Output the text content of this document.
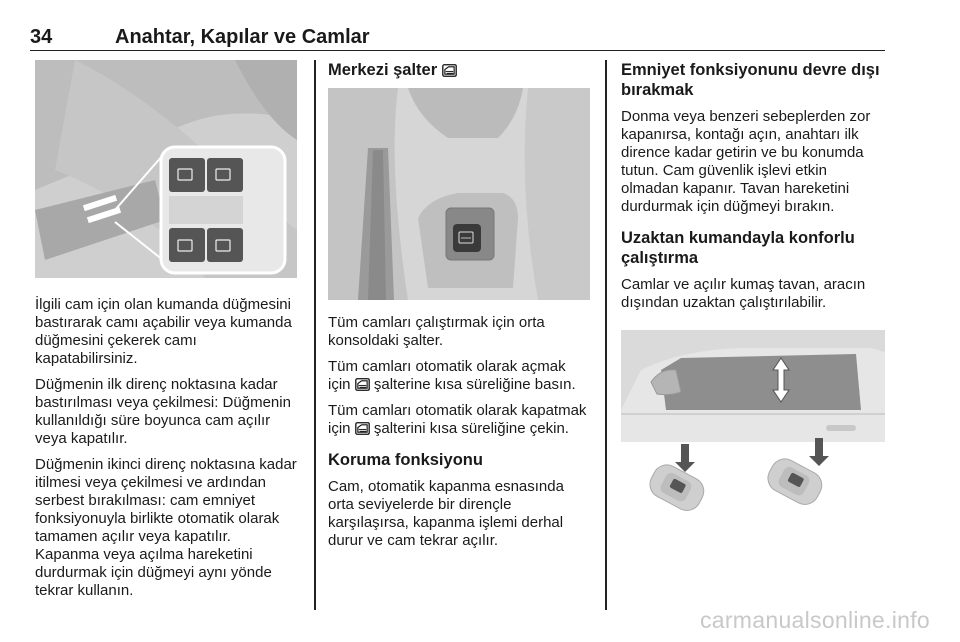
34	Anahtar, Kapılar ve Camlar

İlgili cam için olan kumanda düğmesini bastırarak camı açabilir veya kumanda düğmesini çekerek camı kapatabilirsiniz.

Düğmenin ilk direnç noktasına kadar bastırılması veya çekilmesi: Düğmenin kullanıldığı süre boyunca cam açılır veya kapatılır.

Düğmenin ikinci direnç noktasına kadar itilmesi veya çekilmesi ve ardından serbest bırakılması: cam emniyet fonksiyonuyla birlikte otomatik olarak tamamen açılır veya kapatılır. Kapanma veya açılma hareketini durdurmak için düğmeyi aynı yönde tekrar kullanın.

Merkezi şalter

Tüm camları çalıştırmak için orta konsoldaki şalter.

Tüm camları otomatik olarak açmak için şalterine kısa süreliğine basın.

Tüm camları otomatik olarak kapatmak için şalterini kısa süreliğine çekin.

Koruma fonksiyonu

Cam, otomatik kapanma esnasında orta seviyelerde bir dirençle karşılaşırsa, kapanma işlemi derhal durur ve cam tekrar açılır.

Emniyet fonksiyonunu devre dışı bırakmak

Donma veya benzeri sebeplerden zor kapanırsa, kontağı açın, anahtarı ilk dirence kadar getirin ve bu konumda tutun. Cam güvenlik işlevi etkin olmadan kapanır. Tavan hareketini durdurmak için düğmeyi bırakın.

Uzaktan kumandayla konforlu çalıştırma

Camlar ve açılır kumaş tavan, aracın dışından uzaktan çalıştırılabilir.

carmanualsonline.info
